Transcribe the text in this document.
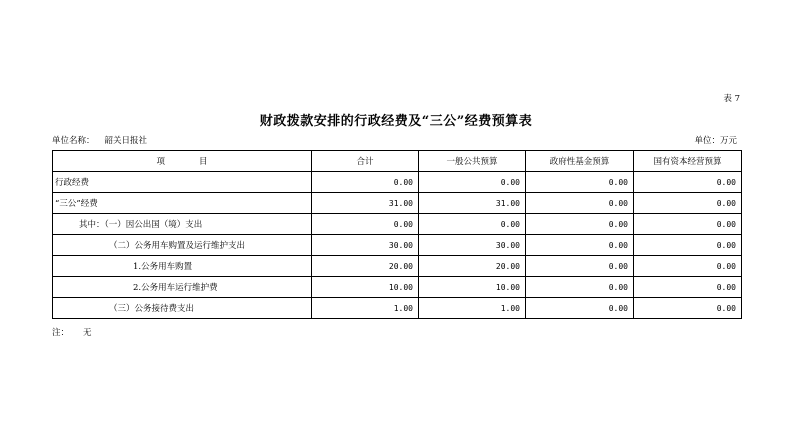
表 7
财政拨款安排的行政经费及“三公”经费预算表
单位名称： 韶关日报社	单位：万元
项　　　　目	合计	一般公共预算	政府性基金预算	国有资本经营预算
行政经费	0.00	0.00	0.00	0.00
“三公”经费	31.00	31.00	0.00	0.00
其中：（一）因公出国（境）支出	0.00	0.00	0.00	0.00
（二）公务用车购置及运行维护支出	30.00	30.00	0.00	0.00
1.公务用车购置	20.00	20.00	0.00	0.00
2.公务用车运行维护费	10.00	10.00	0.00	0.00
（三）公务接待费支出	1.00	1.00	0.00	0.00
注： 无
